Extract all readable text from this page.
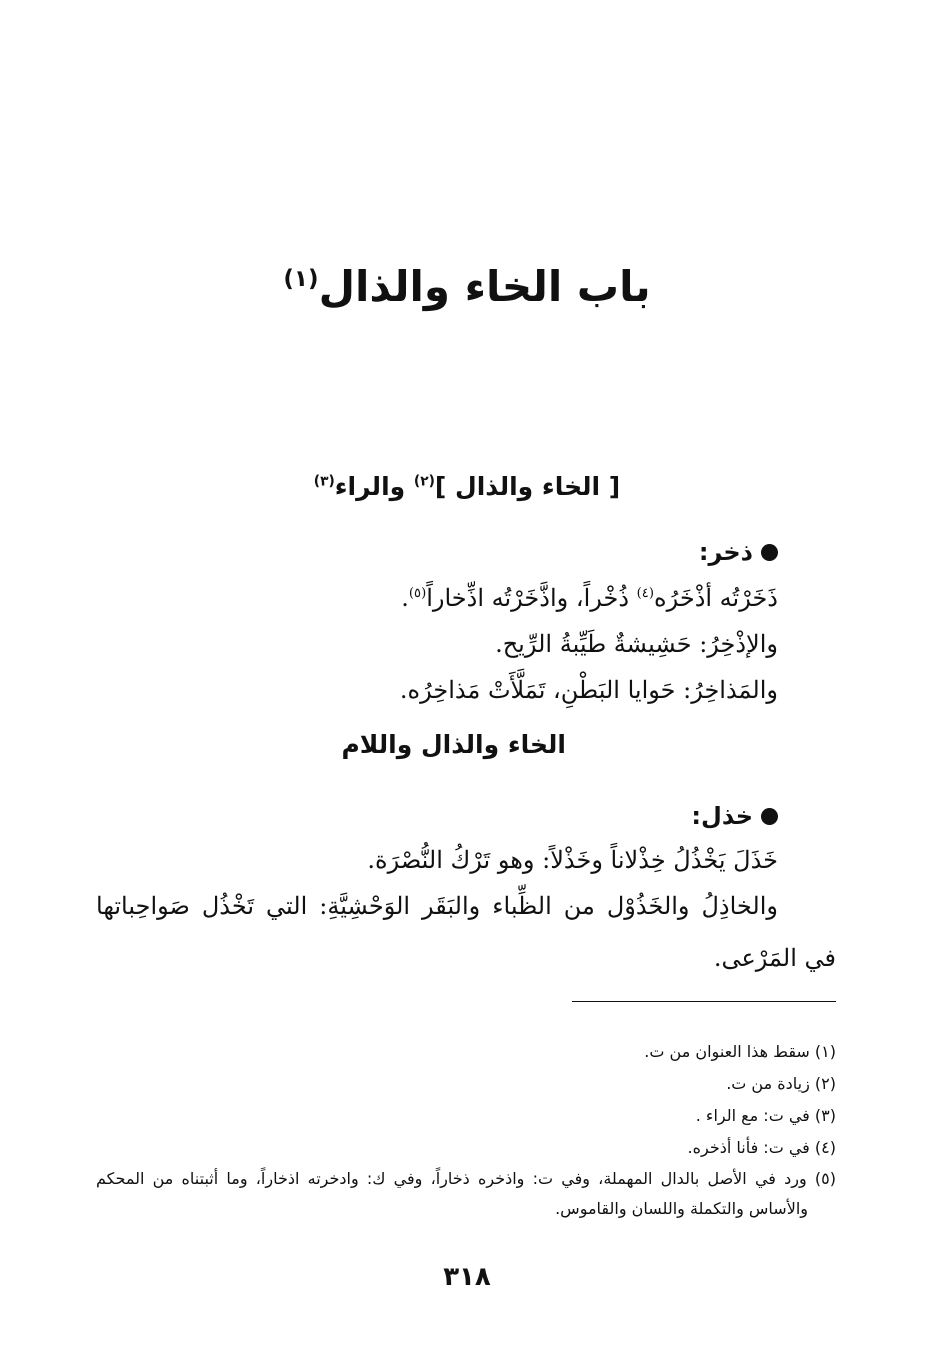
باب الخاء والذال$^{(١)}$
[ الخاء والذال ]$^{(٢)}$ والراء$^{(٣)}$
ذخر:
ذَخَرْتُه أذْخَرُه$^{(٤)}$ ذُخْراً، واذَّخَرْتُه اذِّخاراً$^{(٥)}$.
والإذْخِرُ: حَشِيشةٌ طَيِّبةُ الرِّيح.
والمَذاخِرُ: حَوايا البَطْنِ، تَمَلَّأَتْ مَذاخِرُه.
الخاء والذال واللام
خذل:
خَذَلَ يَخْذُلُ خِذْلاناً وخَذْلاً: وهو تَرْكُ النُّصْرَة.
والخاذِلُ والخَذُوْل من الظِّباء والبَقَر الوَحْشِيَّةِ: التي تَخْذُل صَواحِباتها في المَرْعى.
(١) سقط هذا العنوان من ت.
(٢) زيادة من ت.
(٣) في ت: مع الراء .
(٤) في ت: فأنا أذخره.
(٥) ورد في الأصل بالدال المهملة، وفي ت: واذخره ذخاراً، وفي ك: وادخرته اذخاراً، وما أثبتناه من المحكم والأساس والتكملة واللسان والقاموس.
٣١٨
